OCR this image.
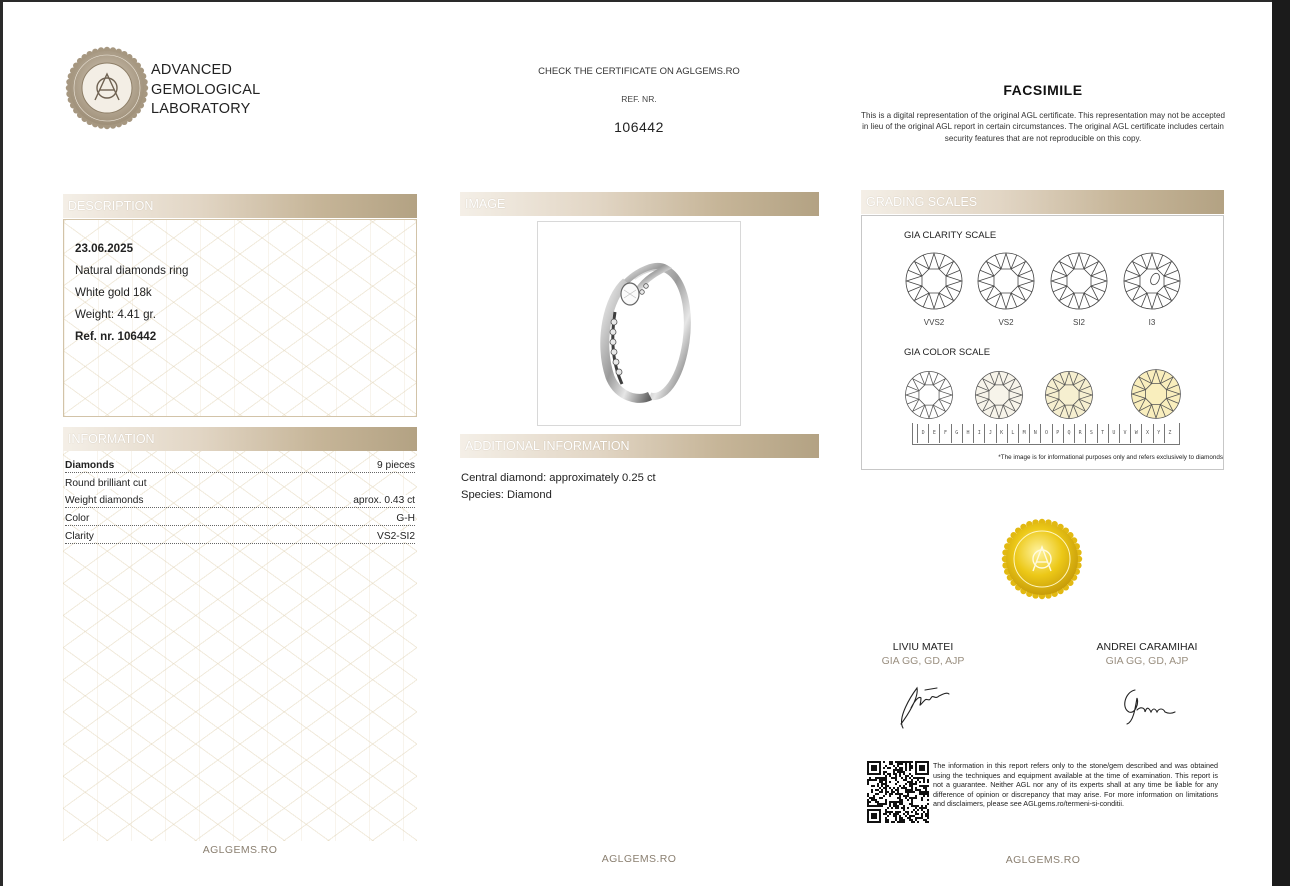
ADVANCED
GEMOLOGICAL
LABORATORY
CHECK THE CERTIFICATE ON AGLGEMS.RO
REF. NR.
106442
FACSIMILE
This is a digital representation of the original AGL certificate. This representation may not be accepted in lieu of the original AGL report in certain circumstances. The original AGL certificate includes certain security features that are not reproducible on this copy.
DESCRIPTION
23.06.2025
Natural diamonds ring
White gold 18k
Weight: 4.41 gr.
Ref. nr. 106442
INFORMATION
Diamonds	9 pieces
Round brilliant cut
Weight diamonds	aprox. 0.43 ct
Color	G-H
Clarity	VS2-SI2
AGLGEMS.RO
IMAGE
ADDITIONAL INFORMATION
Central diamond: approximately 0.25 ct
Species: Diamond
AGLGEMS.RO
GRADING SCALES
GIA CLARITY SCALE
VVS2	VS2	SI2	I3
GIA COLOR SCALE
D	E	F	G	H	I	J	K	L	M	N	O	P	Q	R	S	T	U	V	W	X	Y	Z
*The image is for informational purposes only and refers exclusively to diamonds
LIVIU MATEI
GIA GG, GD, AJP
ANDREI CARAMIHAI
GIA GG, GD, AJP
The information in this report refers only to the stone/gem described and was obtained using the techniques and equipment available at the time of examination. This report is not a guarantee. Neither AGL nor any of its experts shall at any time be liable for any difference of opinion or discrepancy that may arise. For more information on limitations and disclaimers, please see AGLgems.ro/termeni-si-conditii.
AGLGEMS.RO
